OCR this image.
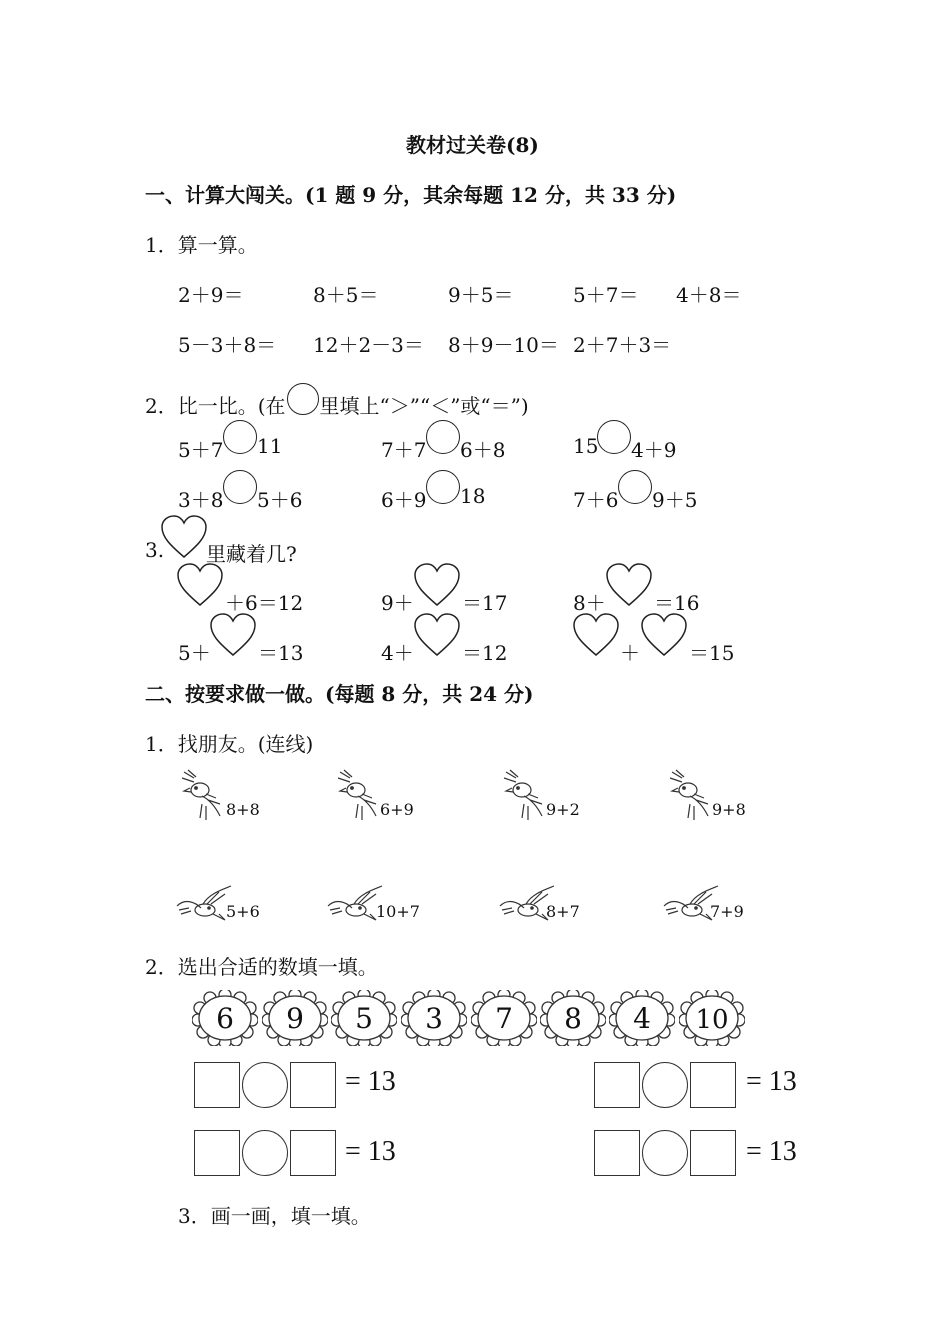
教材过关卷(8)
一、计算大闯关。(1 题 9 分，其余每题 12 分，共 33 分)
1．算一算。
2＋9＝	8＋5＝	9＋5＝	5＋7＝ 4＋8＝
5－3＋8＝ 12＋2－3＝ 8＋9－10＝ 2＋7＋3＝
2．比一比。(在 里填上“＞”“＜”或“＝”)
5＋7 11	7＋7 6＋8	15 4＋9
3＋8 5＋6	6＋9 18	7＋6 9＋5
3. 里藏着几?
＋6＝12	9＋ ＝17	8＋ ＝16
5＋ ＝13	4＋ ＝12	＋ ＝15
二、按要求做一做。(每题 8 分，共 24 分)
1．找朋友。(连线)
8+8	6+9	9+2	9+8
5+6	10+7	8+7	7+9
2．选出合适的数填一填。
6 9 5 3 7 8 4 10
= 13	= 13
= 13	= 13
3．画一画，填一填。
